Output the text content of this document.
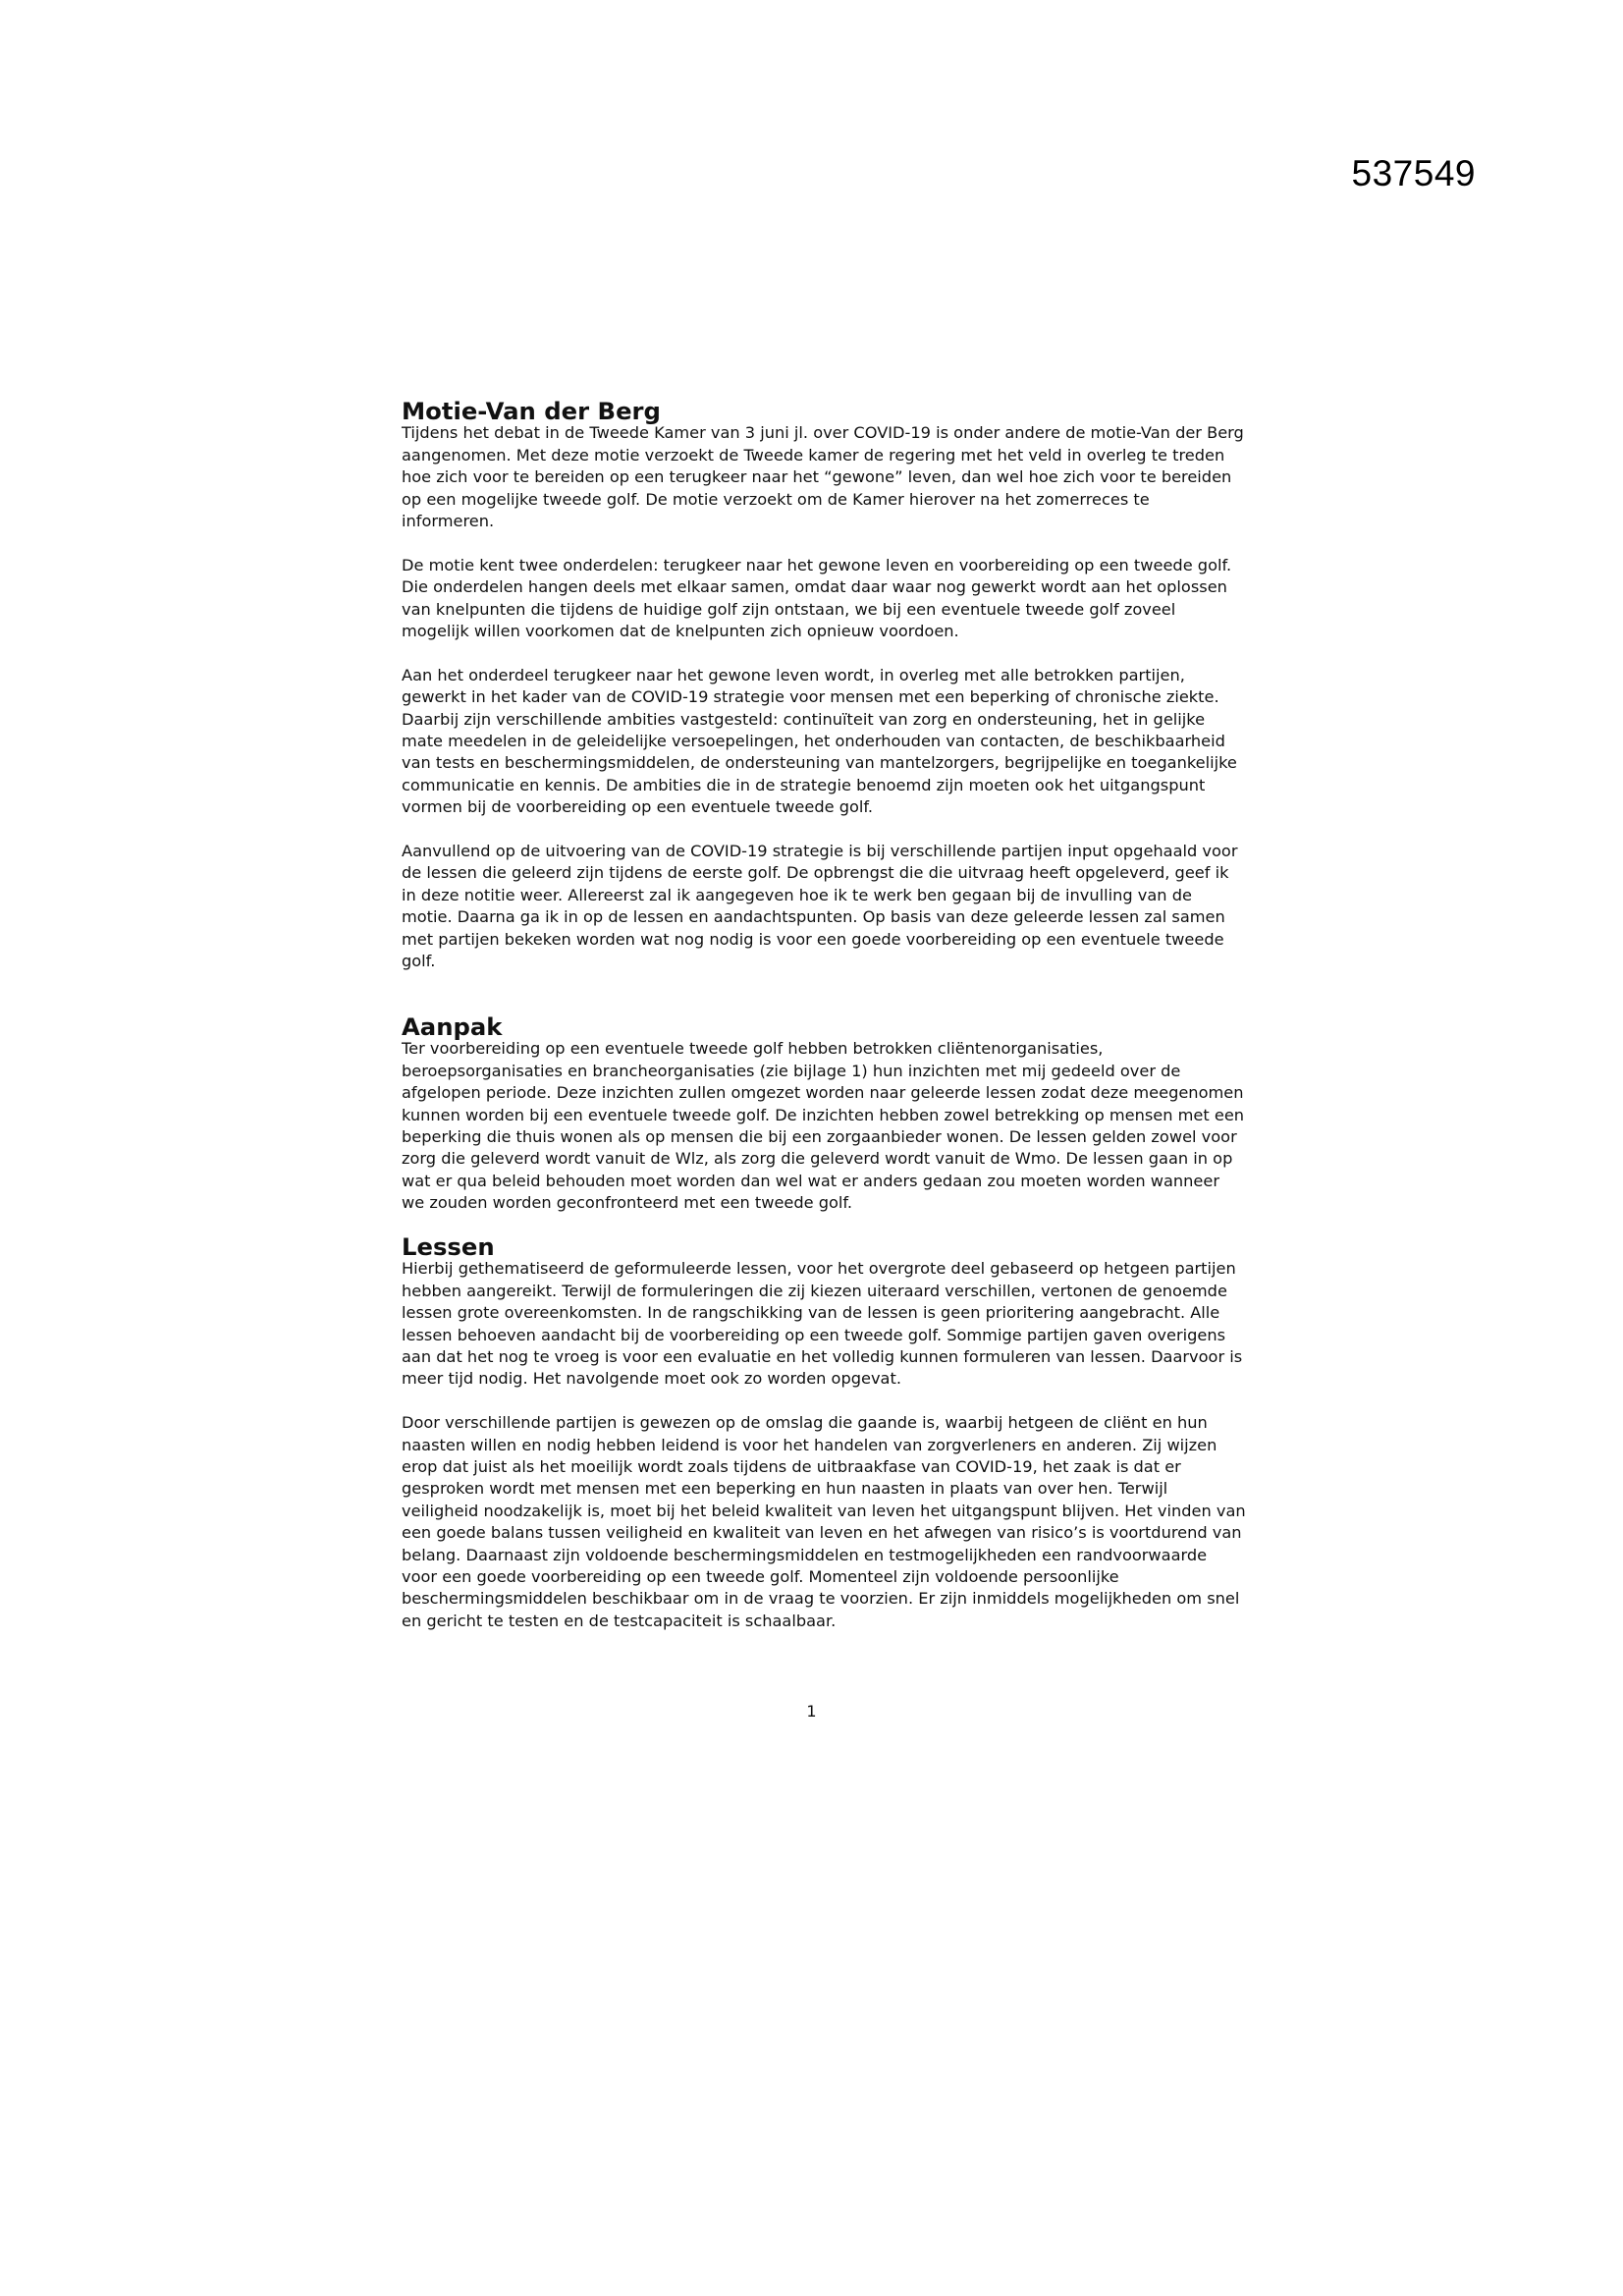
537549
Motie-Van der Berg

Tijdens het debat in de Tweede Kamer van 3 juni jl. over COVID-19 is onder andere de motie-Van der Berg aangenomen. Met deze motie verzoekt de Tweede kamer de regering met het veld in overleg te treden hoe zich voor te bereiden op een terugkeer naar het “gewone” leven, dan wel hoe zich voor te bereiden op een mogelijke tweede golf. De motie verzoekt om de Kamer hierover na het zomerreces te informeren.

De motie kent twee onderdelen: terugkeer naar het gewone leven en voorbereiding op een tweede golf. Die onderdelen hangen deels met elkaar samen, omdat daar waar nog gewerkt wordt aan het oplossen van knelpunten die tijdens de huidige golf zijn ontstaan, we bij een eventuele tweede golf zoveel mogelijk willen voorkomen dat de knelpunten zich opnieuw voordoen.

Aan het onderdeel terugkeer naar het gewone leven wordt, in overleg met alle betrokken partijen, gewerkt in het kader van de COVID-19 strategie voor mensen met een beperking of chronische ziekte. Daarbij zijn verschillende ambities vastgesteld: continuïteit van zorg en ondersteuning, het in gelijke mate meedelen in de geleidelijke versoepelingen, het onderhouden van contacten, de beschikbaarheid van tests en beschermingsmiddelen, de ondersteuning van mantelzorgers, begrijpelijke en toegankelijke communicatie en kennis. De ambities die in de strategie benoemd zijn moeten ook het uitgangspunt vormen bij de voorbereiding op een eventuele tweede golf.

Aanvullend op de uitvoering van de COVID-19 strategie is bij verschillende partijen input opgehaald voor de lessen die geleerd zijn tijdens de eerste golf. De opbrengst die die uitvraag heeft opgeleverd, geef ik in deze notitie weer. Allereerst zal ik aangegeven hoe ik te werk ben gegaan bij de invulling van de motie. Daarna ga ik in op de lessen en aandachtspunten. Op basis van deze geleerde lessen zal samen met partijen bekeken worden wat nog nodig is voor een goede voorbereiding op een eventuele tweede golf.

Aanpak

Ter voorbereiding op een eventuele tweede golf hebben betrokken cliëntenorganisaties, beroepsorganisaties en brancheorganisaties (zie bijlage 1) hun inzichten met mij gedeeld over de afgelopen periode. Deze inzichten zullen omgezet worden naar geleerde lessen zodat deze meegenomen kunnen worden bij een eventuele tweede golf. De inzichten hebben zowel betrekking op mensen met een beperking die thuis wonen als op mensen die bij een zorgaanbieder wonen. De lessen gelden zowel voor zorg die geleverd wordt vanuit de Wlz, als zorg die geleverd wordt vanuit de Wmo. De lessen gaan in op wat er qua beleid behouden moet worden dan wel wat er anders gedaan zou moeten worden wanneer we zouden worden geconfronteerd met een tweede golf.

Lessen

Hierbij gethematiseerd de geformuleerde lessen, voor het overgrote deel gebaseerd op hetgeen partijen hebben aangereikt. Terwijl de formuleringen die zij kiezen uiteraard verschillen, vertonen de genoemde lessen grote overeenkomsten. In de rangschikking van de lessen is geen prioritering aangebracht. Alle lessen behoeven aandacht bij de voorbereiding op een tweede golf. Sommige partijen gaven overigens aan dat het nog te vroeg is voor een evaluatie en het volledig kunnen formuleren van lessen. Daarvoor is meer tijd nodig. Het navolgende moet ook zo worden opgevat.

Door verschillende partijen is gewezen op de omslag die gaande is, waarbij hetgeen de cliënt en hun naasten willen en nodig hebben leidend is voor het handelen van zorgverleners en anderen. Zij wijzen erop dat juist als het moeilijk wordt zoals tijdens de uitbraakfase van COVID-19, het zaak is dat er gesproken wordt met mensen met een beperking en hun naasten in plaats van over hen. Terwijl veiligheid noodzakelijk is, moet bij het beleid kwaliteit van leven het uitgangspunt blijven. Het vinden van een goede balans tussen veiligheid en kwaliteit van leven en het afwegen van risico’s is voortdurend van belang. Daarnaast zijn voldoende beschermingsmiddelen en testmogelijkheden een randvoorwaarde voor een goede voorbereiding op een tweede golf. Momenteel zijn voldoende persoonlijke beschermingsmiddelen beschikbaar om in de vraag te voorzien. Er zijn inmiddels mogelijkheden om snel en gericht te testen en de testcapaciteit is schaalbaar.

1
